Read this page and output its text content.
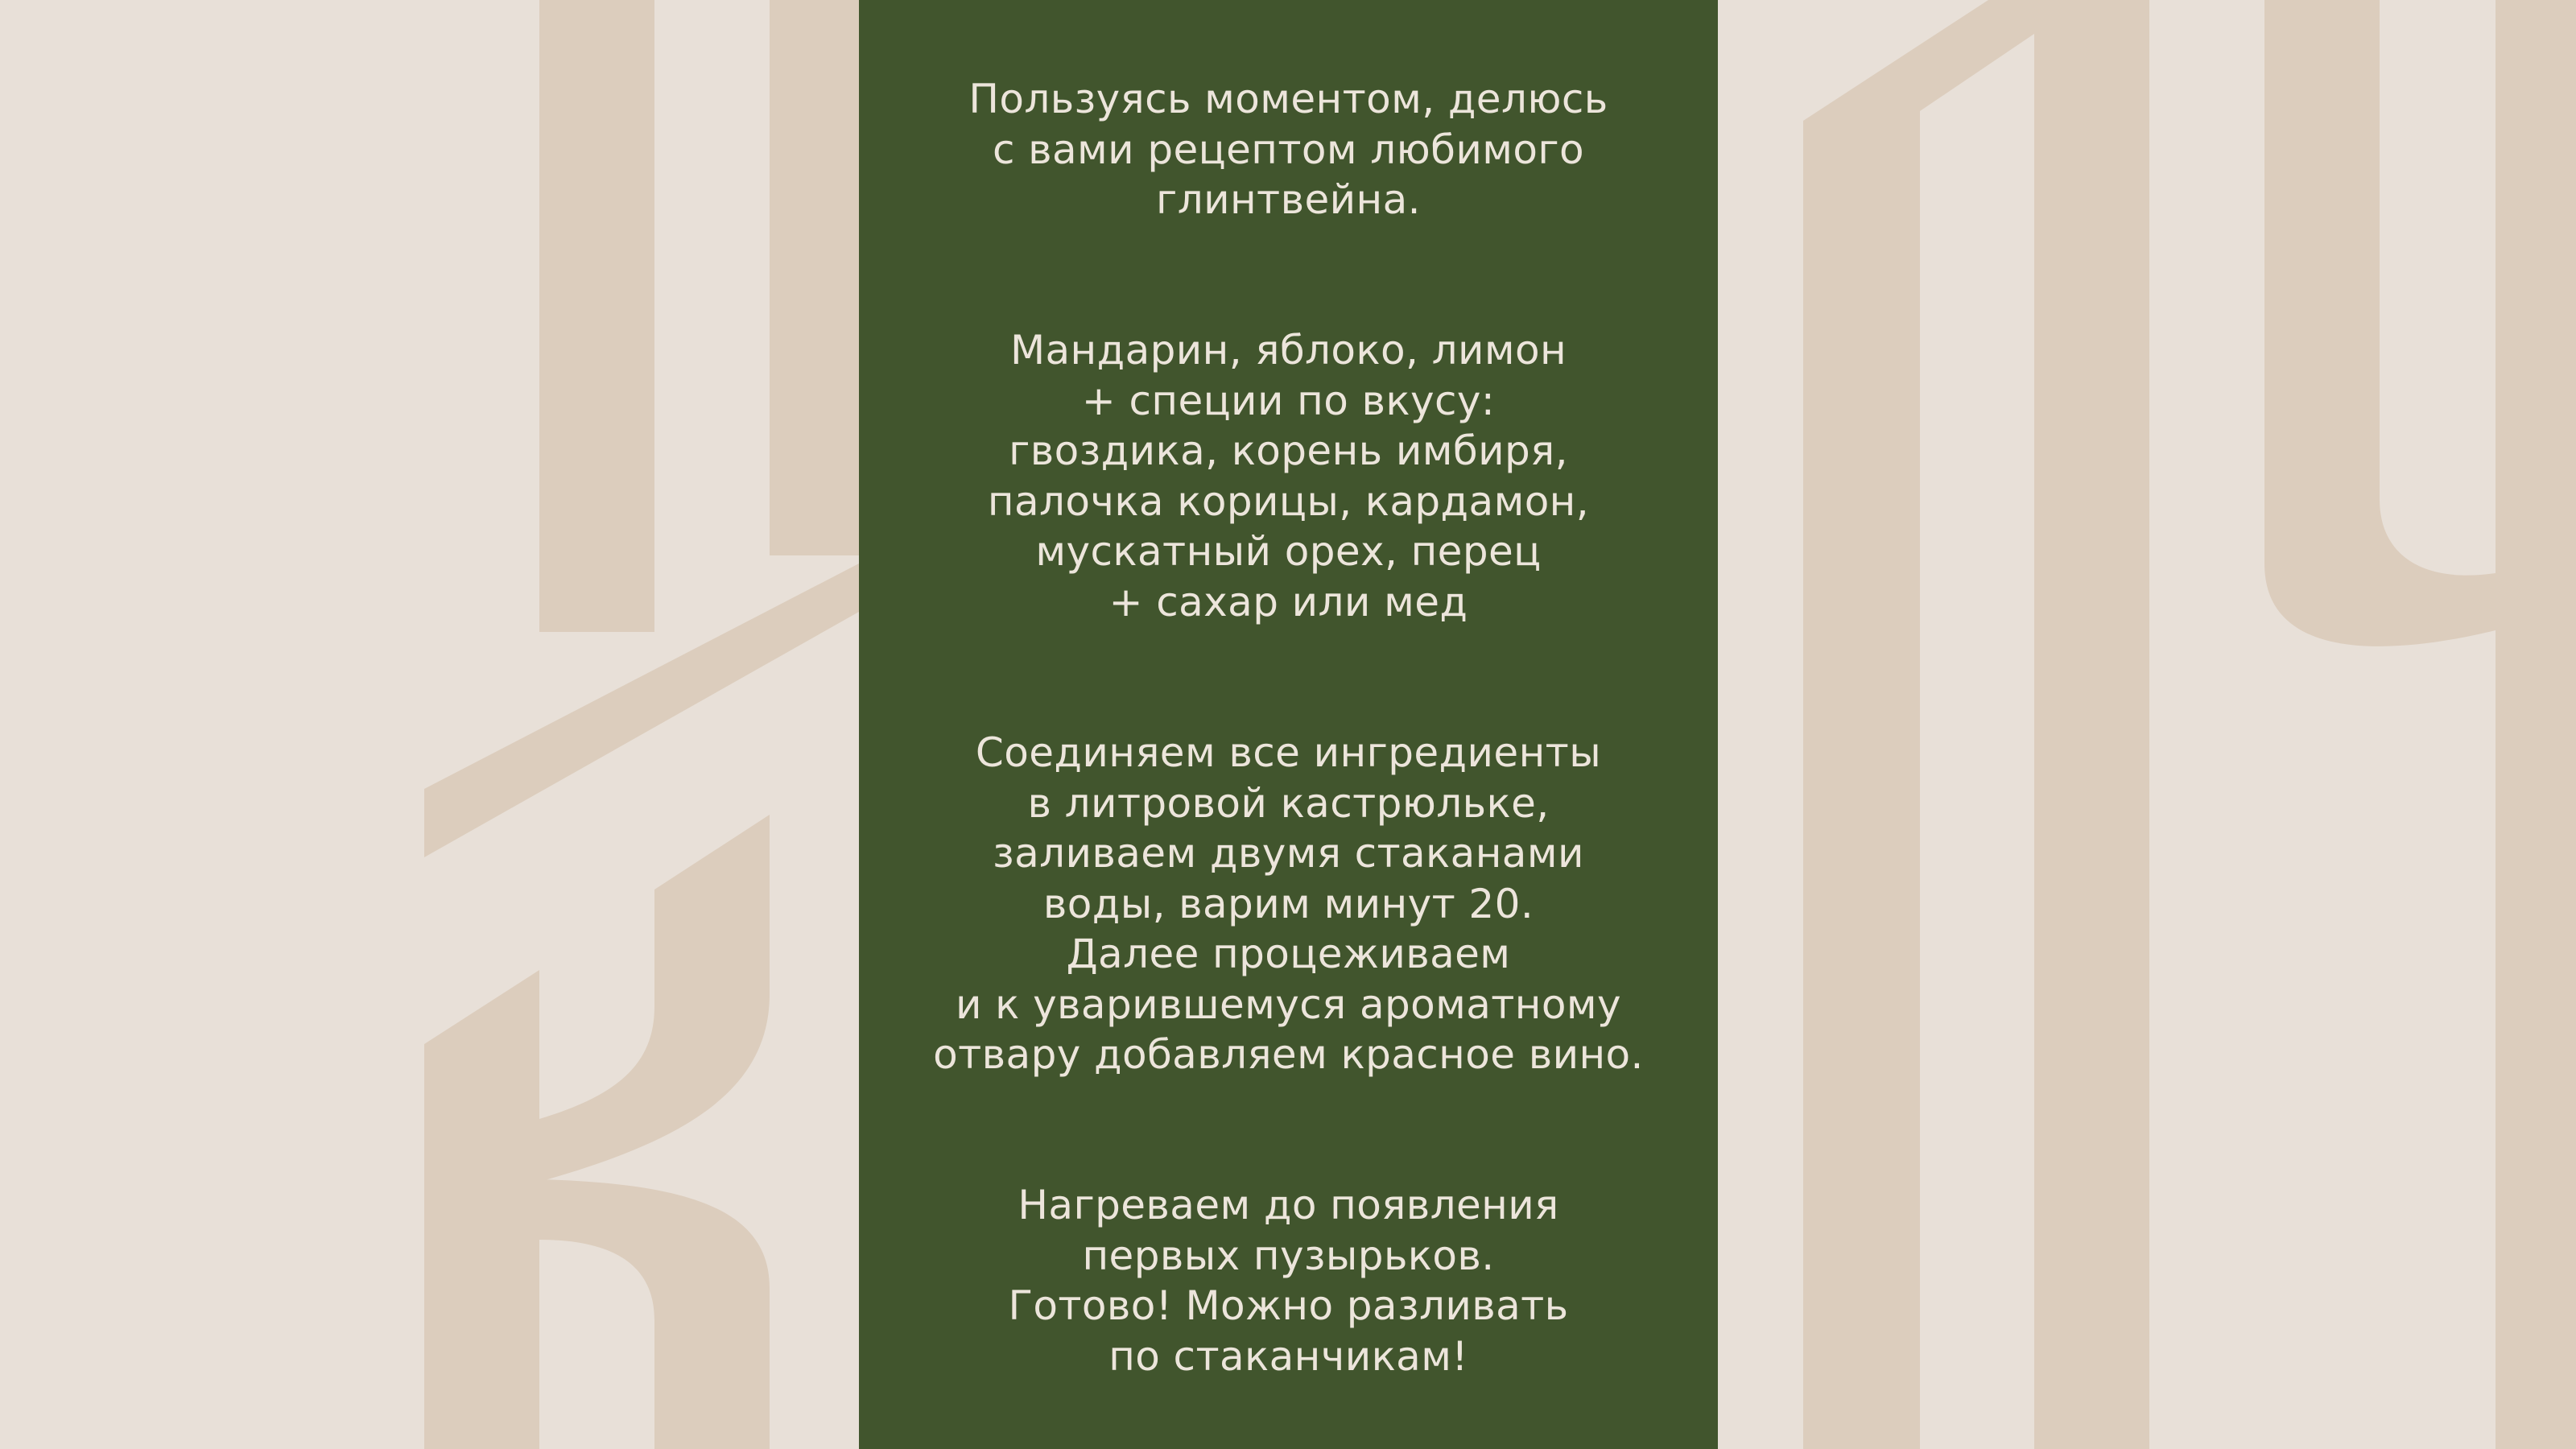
Пользуясь моментом, делюсь
с вами рецептом любимого
глинтвейна.

Мандарин, яблоко, лимон
+ специи по вкусу:
гвоздика, корень имбиря,
палочка корицы, кардамон,
мускатный орех, перец
+ сахар или мед

Соединяем все ингредиенты
в литровой кастрюльке,
заливаем двумя стаканами
воды, варим минут 20.
Далее процеживаем
и к уварившемуся ароматному
отвару добавляем красное вино.

Нагреваем до появления
первых пузырьков.
Готово! Можно разливать
по стаканчикам!
